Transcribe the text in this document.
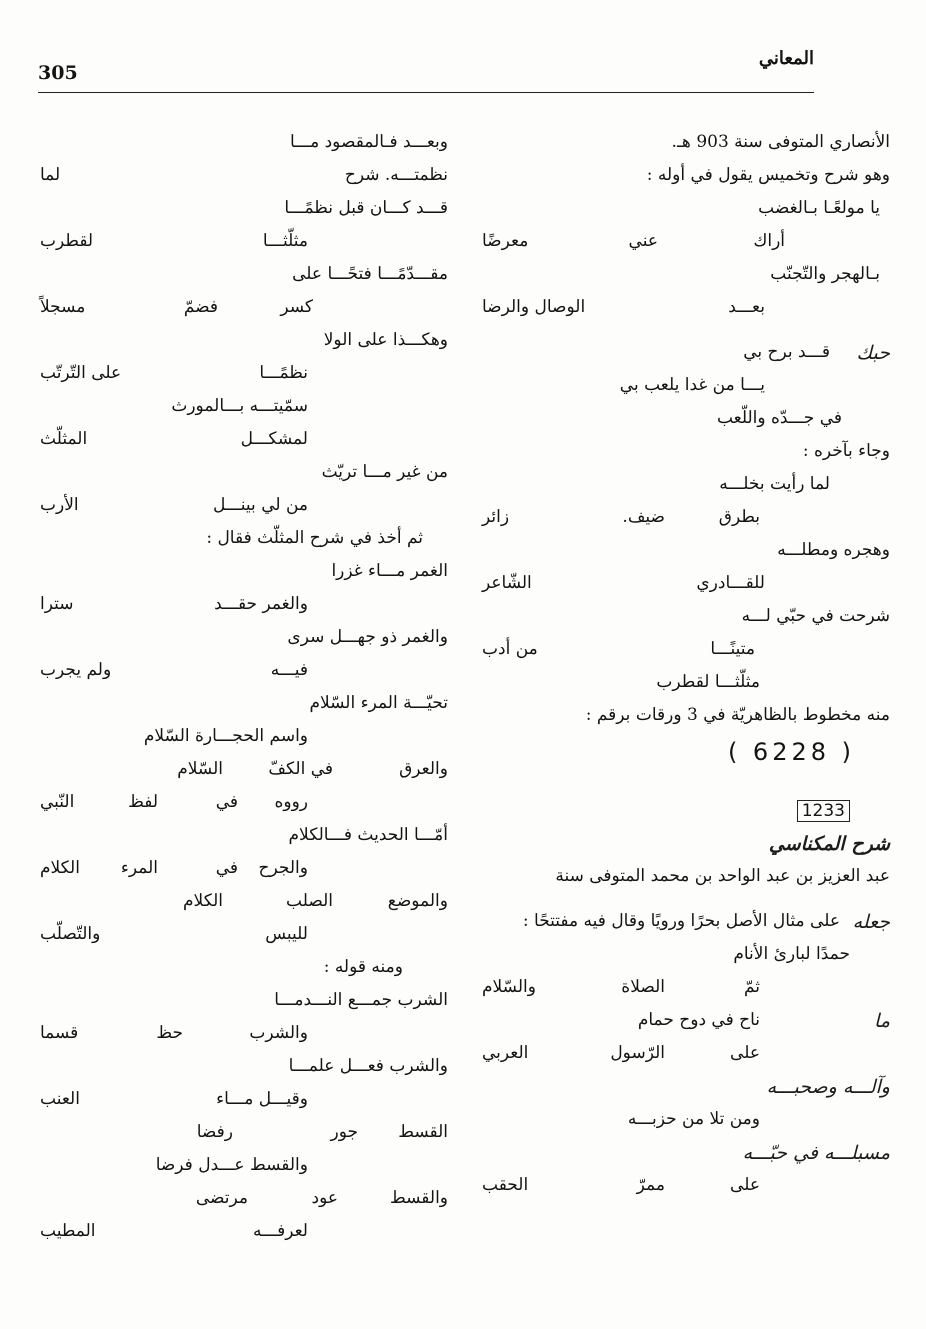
305
المعاني
الأنصاري المتوفى سنة 903 هـ.
وهو شرح وتخميس يقول في أوله :
يا مولعًـا بـالغضب
أراك
عني
معرضًا
بـالهجر والتّجنّب
بعـــد
الوصال والرضا
حبك
قـــد برح بي
يـــا من غدا يلعب بي
في جـــدّه واللّعب
وجاء بآخره :
لما رأيت بخلـــه
بطرق
ضيف.
زائر
وهجره ومطلـــه
للقـــادري
الشّاعر
شرحت في حبّي لـــه
متينًـــا
من أدب
مثلّثـــا لقطرب
منه مخطوط بالظاهريّة في 3 ورقات برقم :
( 6228 )
1233
شرح المكناسي
عبد العزيز بن عبد الواحد بن محمد المتوفى سنة
جعله
على مثال الأصل بحرًا ورويًا وقال فيه مفتتحًا :
حمدًا لبارئ الأنام
ثمّ
الصلاة
والسّلام
ما
ناح في دوح حمام
على
الرّسول
العربي
وآلـــه وصحبـــه
ومن تلا من حزبـــه
مسبلـــه في حبّـــه
على
ممرّ
الحقب
وبعـــد فـالمقصود مـــا
نظمتـــه. شرح
لما
قـــد كـــان قبل نظمًـــا
مثلّثـــا
لقطرب
مقـــدّمًـــا فتحًـــا على
كسر
فضمّ
مسجلاً
وهكـــذا على الولا
نظمًـــا
على التّرتّب
سمّيتـــه بـــالمورث
لمشكـــل
المثلّث
من غير مـــا تريّث
من لي بينـــل
الأرب
ثم أخذ في شرح المثلّث فقال :
الغمر مـــاء غزرا
والغمر حقـــد
سترا
والغمر ذو جهـــل سرى
فيـــه
ولم يجرب
تحيّـــة المرء السّلام
واسم الحجـــارة السّلام
والعرق
في الكفّ
السّلام
رووه
في
لفظ
النّبي
أمّـــا الحديث فـــالكلام
والجرح
في
المرء
الكلام
والموضع
الصلب
الكلام
لليبس
والتّصلّب
ومنه قوله :
الشرب جمـــع النـــدمـــا
والشرب
حظ
قسما
والشرب فعـــل علمـــا
وقيـــل مـــاء
العنب
القسط
جور
رفضا
والقسط عـــدل فرضا
والقسط
عود
مرتضى
لعرفـــه
المطيب
